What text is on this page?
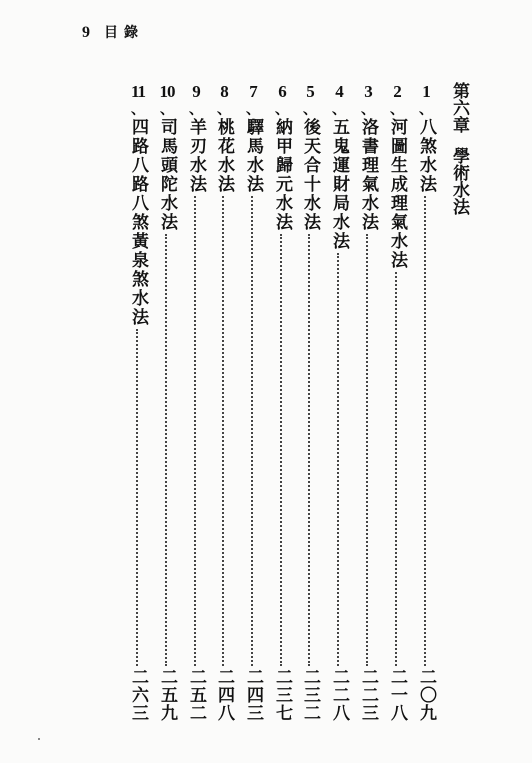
9 目錄
第六章學術水法
1
、
八煞水法
二〇九
2
、
河圖生成理氣水法
二一八
3
、
洛書理氣水法
二二三
4
、
五鬼運財局水法
二二八
5
、
後天合十水法
二三二
6
、
納甲歸元水法
二三七
7
、
驛馬水法
二四三
8
、
桃花水法
二四八
9
、
羊刃水法
二五二
10
、
司馬頭陀水法
二五九
11
、
四路八路八煞黃泉煞水法
二六三
